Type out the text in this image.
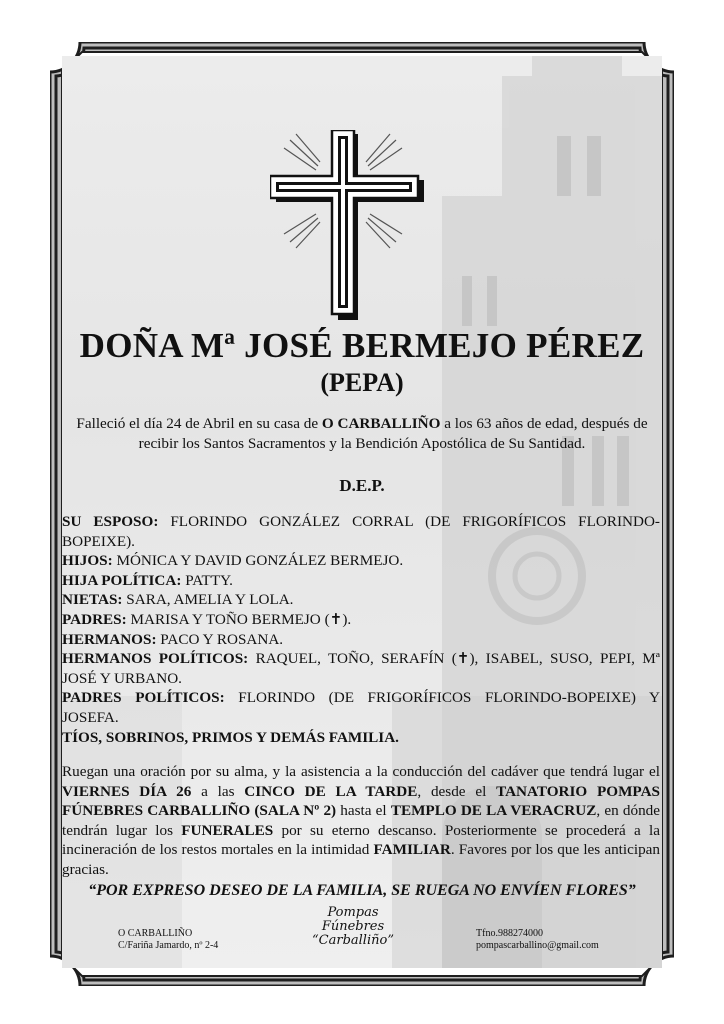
DOÑA Mª JOSÉ BERMEJO PÉREZ
(PEPA)
Falleció el día 24 de Abril en su casa de O CARBALLIÑO a los 63 años de edad, después de recibir los Santos Sacramentos y la Bendición Apostólica de Su Santidad.
D.E.P.

SU ESPOSO: FLORINDO GONZÁLEZ CORRAL (DE FRIGORÍFICOS FLORINDO-BOPEIXE).

HIJOS: MÓNICA Y DAVID GONZÁLEZ BERMEJO.

HIJA POLÍTICA: PATTY.

NIETAS: SARA, AMELIA Y LOLA.

PADRES: MARISA Y TOÑO BERMEJO (✝).

HERMANOS: PACO Y ROSANA.

HERMANOS POLÍTICOS: RAQUEL, TOÑO, SERAFÍN (✝), ISABEL, SUSO, PEPI, Mª JOSÉ Y URBANO.

PADRES POLÍTICOS: FLORINDO (DE FRIGORÍFICOS FLORINDO-BOPEIXE) Y JOSEFA.

TÍOS, SOBRINOS, PRIMOS Y DEMÁS FAMILIA.

Ruegan una oración por su alma, y la asistencia a la conducción del cadáver que tendrá lugar el VIERNES DÍA 26 a las CINCO DE LA TARDE, desde el TANATORIO POMPAS FÚNEBRES CARBALLIÑO (SALA Nº 2) hasta el TEMPLO DE LA VERACRUZ, en dónde tendrán lugar los FUNERALES por su eterno descanso. Posteriormente se procederá a la incineración de los restos mortales en la intimidad FAMILIAR. Favores por los que les anticipan gracias.
“POR EXPRESO DESEO DE LA FAMILIA, SE RUEGA NO ENVÍEN FLORES”
O CARBALLIÑO
C/Fariña Jamardo, nº 2-4
Pompas Fúnebres
“Carballiño”	Tfno.988274000
pompascarballino@gmail.com
